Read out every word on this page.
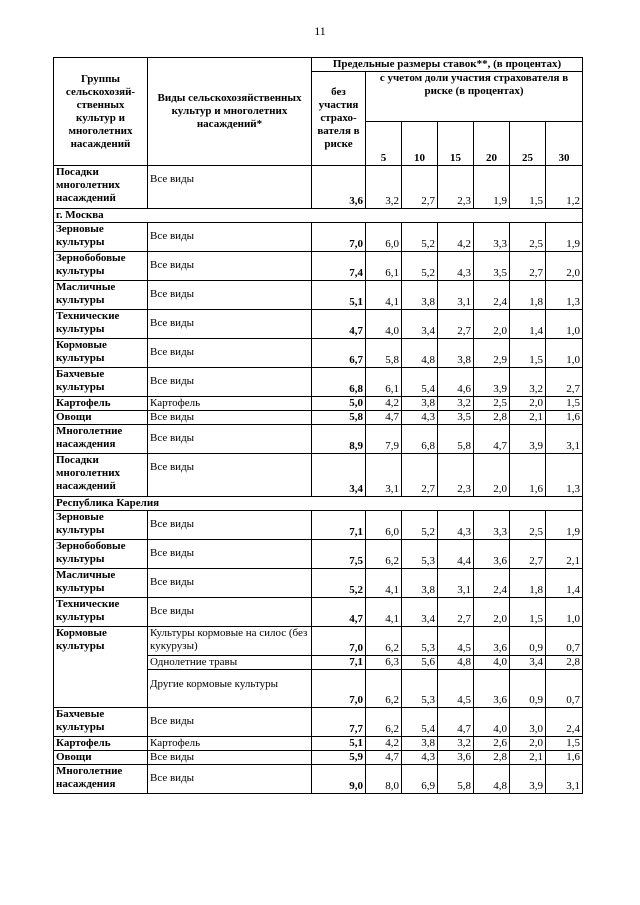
11
Группы сельскохозяй-ственных культур и многолетних насаждений	Виды сельскохозяйственных культур и многолетних насаждений*	Предельные размеры ставок**, (в процентах)						
		без участия страхо-вателя в риске	с учетом доли участия страхователя в риске (в процентах)					
			5	10	15	20	25	30
Посадки многолетних насаждений	Все виды	3,6	3,2	2,7	2,3	1,9	1,5	1,2
г. Москва								
Зерновые культуры	Все виды	7,0	6,0	5,2	4,2	3,3	2,5	1,9
Зернобобовые культуры	Все виды	7,4	6,1	5,2	4,3	3,5	2,7	2,0
Масличные культуры	Все виды	5,1	4,1	3,8	3,1	2,4	1,8	1,3
Технические культуры	Все виды	4,7	4,0	3,4	2,7	2,0	1,4	1,0
Кормовые культуры	Все виды	6,7	5,8	4,8	3,8	2,9	1,5	1,0
Бахчевые культуры	Все виды	6,8	6,1	5,4	4,6	3,9	3,2	2,7
Картофель	Картофель	5,0	4,2	3,8	3,2	2,5	2,0	1,5
Овощи	Все виды	5,8	4,7	4,3	3,5	2,8	2,1	1,6
Многолетние насаждения	Все виды	8,9	7,9	6,8	5,8	4,7	3,9	3,1
Посадки многолетних насаждений	Все виды	3,4	3,1	2,7	2,3	2,0	1,6	1,3
Республика Карелия								
Зерновые культуры	Все виды	7,1	6,0	5,2	4,3	3,3	2,5	1,9
Зернобобовые культуры	Все виды	7,5	6,2	5,3	4,4	3,6	2,7	2,1
Масличные культуры	Все виды	5,2	4,1	3,8	3,1	2,4	1,8	1,4
Технические культуры	Все виды	4,7	4,1	3,4	2,7	2,0	1,5	1,0
Кормовые культуры	Культуры кормовые на силос (без кукурузы)	7,0	6,2	5,3	4,5	3,6	0,9	0,7
	Однолетние травы	7,1	6,3	5,6	4,8	4,0	3,4	2,8
	Другие кормовые культуры	7,0	6,2	5,3	4,5	3,6	0,9	0,7
Бахчевые культуры	Все виды	7,7	6,2	5,4	4,7	4,0	3,0	2,4
Картофель	Картофель	5,1	4,2	3,8	3,2	2,6	2,0	1,5
Овощи	Все виды	5,9	4,7	4,3	3,6	2,8	2,1	1,6
Многолетние насаждения	Все виды	9,0	8,0	6,9	5,8	4,8	3,9	3,1
